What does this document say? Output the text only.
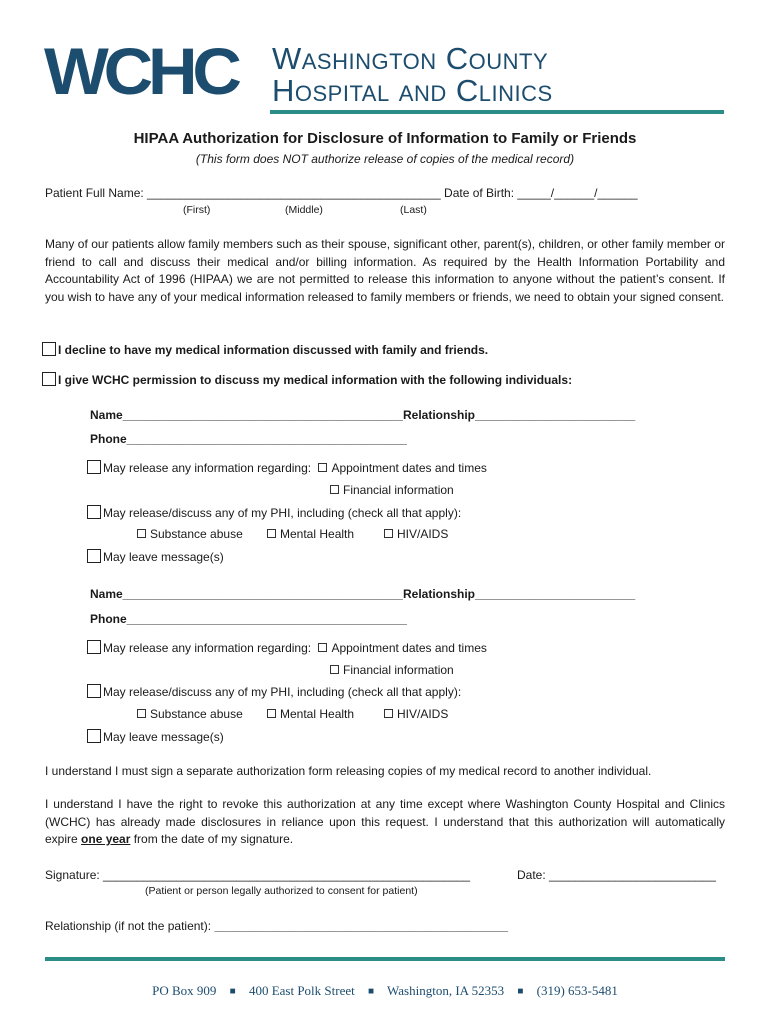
WCHC Washington County
Hospital and Clinics
HIPAA Authorization for Disclosure of Information to Family or Friends
(This form does NOT authorize release of copies of the medical record)
Patient Full Name: ____________________________________________ Date of Birth: _____/______/______
(First)	(Middle)	(Last)
Many of our patients allow family members such as their spouse, significant other, parent(s), children, or other family member or friend to call and discuss their medical and/or billing information. As required by the Health Information Portability and Accountability Act of 1996 (HIPAA) we are not permitted to release this information to anyone without the patient’s consent. If you wish to have any of your medical information released to family members or friends, we need to obtain your signed consent.
I decline to have my medical information discussed with family and friends.
I give WCHC permission to discuss my medical information with the following individuals:
Name__________________________________________Relationship________________________
Phone__________________________________________
May release any information regarding: Appointment dates and times
Financial information
May release/discuss any of my PHI, including (check all that apply):
Substance abuse	Mental Health	HIV/AIDS
May leave message(s)
Name__________________________________________Relationship________________________
Phone__________________________________________
May release any information regarding: Appointment dates and times
Financial information
May release/discuss any of my PHI, including (check all that apply):
Substance abuse	Mental Health	HIV/AIDS
May leave message(s)
I understand I must sign a separate authorization form releasing copies of my medical record to another individual.
I understand I have the right to revoke this authorization at any time except where Washington County Hospital and Clinics (WCHC) has already made disclosures in reliance upon this request. I understand that this authorization will automatically expire one year from the date of my signature.
Signature: _______________________________________________________	Date: _________________________
(Patient or person legally authorized to consent for patient)
Relationship (if not the patient): ____________________________________________
PO Box 909 ■ 400 East Polk Street ■ Washington, IA 52353 ■ (319) 653-5481
